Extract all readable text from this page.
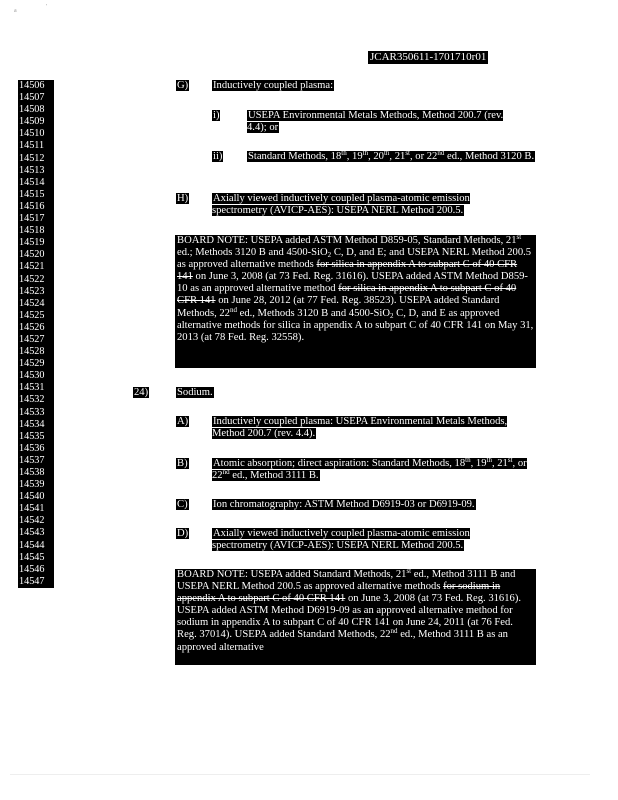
a
'
JCAR350611-1701710r01
14506
14507
14508
14509
14510
14511
14512
14513
14514
14515
14516
14517
14518
14519
14520
14521
14522
14523
14524
14525
14526
14527
14528
14529
14530
14531
14532
14533
14534
14535
14536
14537
14538
14539
14540
14541
14542
14543
14544
14545
14546
14547
G) Inductively coupled plasma:
i)	USEPA Environmental Metals Methods, Method 200.7 (rev. 4.4); or
ii) Standard Methods, 18th, 19th, 20th, 21st, or 22nd ed., Method 3120 B.
H) Axially viewed inductively coupled plasma-atomic emission spectrometry (AVICP-AES): USEPA NERL Method 200.5.
BOARD NOTE: USEPA added ASTM Method D859-05, Standard Methods, 21st ed.; Methods 3120 B and 4500-SiO$_2$ C, D, and E; and USEPA NERL Method 200.5 as approved alternative methods for silica in appendix A to subpart C of 40 CFR 141 on June 3, 2008 (at 73 Fed. Reg. 31616). USEPA added ASTM Method D859-10 as an approved alternative method for silica in appendix A to subpart C of 40 CFR 141 on June 28, 2012 (at 77 Fed. Reg. 38523). USEPA added Standard Methods, 22nd ed., Methods 3120 B and 4500-SiO$_2$ C, D, and E as approved alternative methods for silica in appendix A to subpart C of 40 CFR 141 on May 31, 2013 (at 78 Fed. Reg. 32558).
24)	Sodium.
A) Inductively coupled plasma: USEPA Environmental Metals Methods, Method 200.7 (rev. 4.4).
B) Atomic absorption; direct aspiration: Standard Methods, 18th, 19th, 21st, or 22nd ed., Method 3111 B.
C) Ion chromatography: ASTM Method D6919-03 or D6919-09.
D) Axially viewed inductively coupled plasma-atomic emission spectrometry (AVICP-AES): USEPA NERL Method 200.5.
BOARD NOTE: USEPA added Standard Methods, 21st ed., Method 3111 B and USEPA NERL Method 200.5 as approved alternative methods for sodium in appendix A to subpart C of 40 CFR 141 on June 3, 2008 (at 73 Fed. Reg. 31616). USEPA added ASTM Method D6919-09 as an approved alternative method for sodium in appendix A to subpart C of 40 CFR 141 on June 24, 2011 (at 76 Fed. Reg. 37014). USEPA added Standard Methods, 22nd ed., Method 3111 B as an approved alternative
